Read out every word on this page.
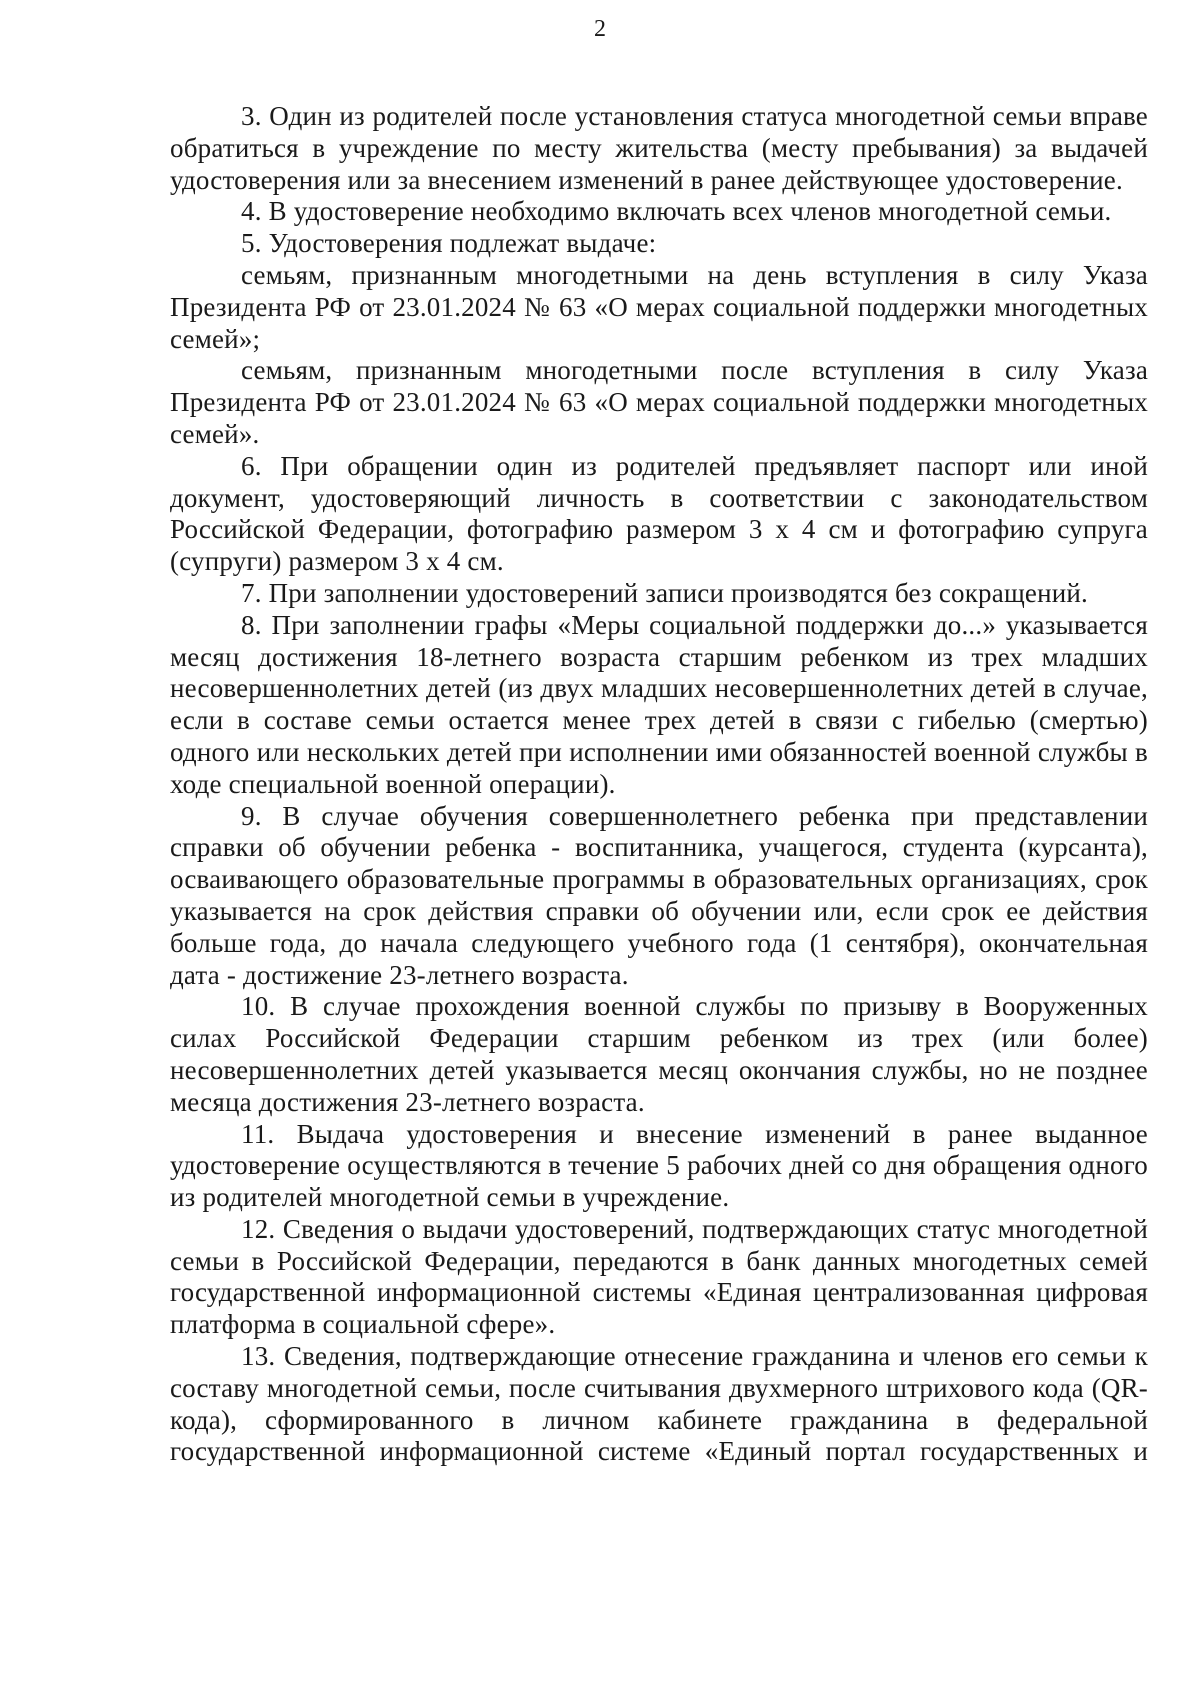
2

3. Один из родителей после установления статуса многодетной семьи вправе обратиться в учреждение по месту жительства (месту пребывания) за выдачей удостоверения или за внесением изменений в ранее действующее удостоверение.

4. В удостоверение необходимо включать всех членов многодетной семьи.

5. Удостоверения подлежат выдаче:

семьям, признанным многодетными на день вступления в силу Указа Президента РФ от 23.01.2024 № 63 «О мерах социальной поддержки многодетных семей»;

семьям, признанным многодетными после вступления в силу Указа Президента РФ от 23.01.2024 № 63 «О мерах социальной поддержки многодетных семей».

6. При обращении один из родителей предъявляет паспорт или иной документ, удостоверяющий личность в соответствии с законодательством Российской Федерации, фотографию размером 3 х 4 см и фотографию супруга (супруги) размером 3 х 4 см.

7. При заполнении удостоверений записи производятся без сокращений.

8. При заполнении графы «Меры социальной поддержки до...» указывается месяц достижения 18-летнего возраста старшим ребенком из трех младших несовершеннолетних детей (из двух младших несовершеннолетних детей в случае, если в составе семьи остается менее трех детей в связи с гибелью (смертью) одного или нескольких детей при исполнении ими обязанностей военной службы в ходе специальной военной операции).

9. В случае обучения совершеннолетнего ребенка при представлении справки об обучении ребенка - воспитанника, учащегося, студента (курсанта), осваивающего образовательные программы в образовательных организациях, срок указывается на срок действия справки об обучении или, если срок ее действия больше года, до начала следующего учебного года (1 сентября), окончательная дата - достижение 23-летнего возраста.

10. В случае прохождения военной службы по призыву в Вооруженных силах Российской Федерации старшим ребенком из трех (или более) несовершеннолетних детей указывается месяц окончания службы, но не позднее месяца достижения 23-летнего возраста.

11. Выдача удостоверения и внесение изменений в ранее выданное удостоверение осуществляются в течение 5 рабочих дней со дня обращения одного из родителей многодетной семьи в учреждение.

12. Сведения о выдачи удостоверений, подтверждающих статус многодетной семьи в Российской Федерации, передаются в банк данных многодетных семей государственной информационной системы «Единая централизованная цифровая платформа в социальной сфере».

13. Сведения, подтверждающие отнесение гражданина и членов его семьи к составу многодетной семьи, после считывания двухмерного штрихового кода (QR-кода), сформированного в личном кабинете гражданина в федеральной государственной информационной системе «Единый портал государственных и
